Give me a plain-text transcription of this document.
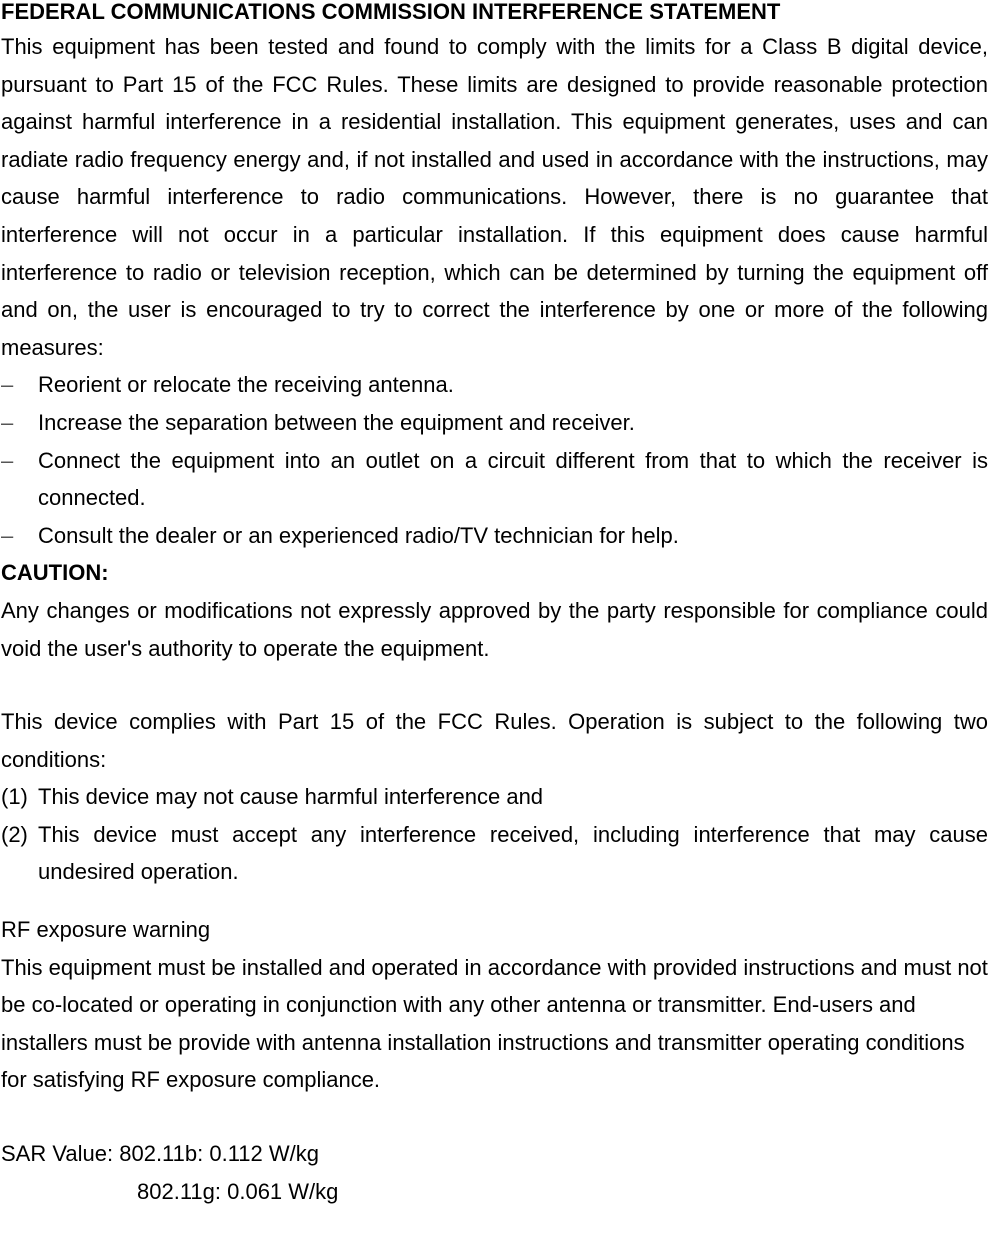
FEDERAL COMMUNICATIONS COMMISSION INTERFERENCE STATEMENT

This equipment has been tested and found to comply with the limits for a Class B digital device, pursuant to Part 15 of the FCC Rules. These limits are designed to provide reasonable protection against harmful interference in a residential installation. This equipment generates, uses and can radiate radio frequency energy and, if not installed and used in accordance with the instructions, may cause harmful interference to radio communications. However, there is no guarantee that interference will not occur in a particular installation. If this equipment does cause harmful interference to radio or television reception, which can be determined by turning the equipment off and on, the user is encouraged to try to correct the interference by one or more of the following measures:

–	Reorient or relocate the receiving antenna.
–	Increase the separation between the equipment and receiver.
–	Connect the equipment into an outlet on a circuit different from that to which the receiver is connected.
–	Consult the dealer or an experienced radio/TV technician for help.
CAUTION:

Any changes or modifications not expressly approved by the party responsible for compliance could void the user's authority to operate the equipment.

This device complies with Part 15 of the FCC Rules. Operation is subject to the following two conditions:

(1) This device may not cause harmful interference and
(2) This device must accept any interference received, including interference that may cause undesired operation.
RF exposure warning

This equipment must be installed and operated in accordance with provided instructions and must not be co-located or operating in conjunction with any other antenna or transmitter. End-users and installers must be provide with antenna installation instructions and transmitter operating conditions for satisfying RF exposure compliance.

SAR Value: 802.11b: 0.112 W/kg
802.11g: 0.061 W/kg
